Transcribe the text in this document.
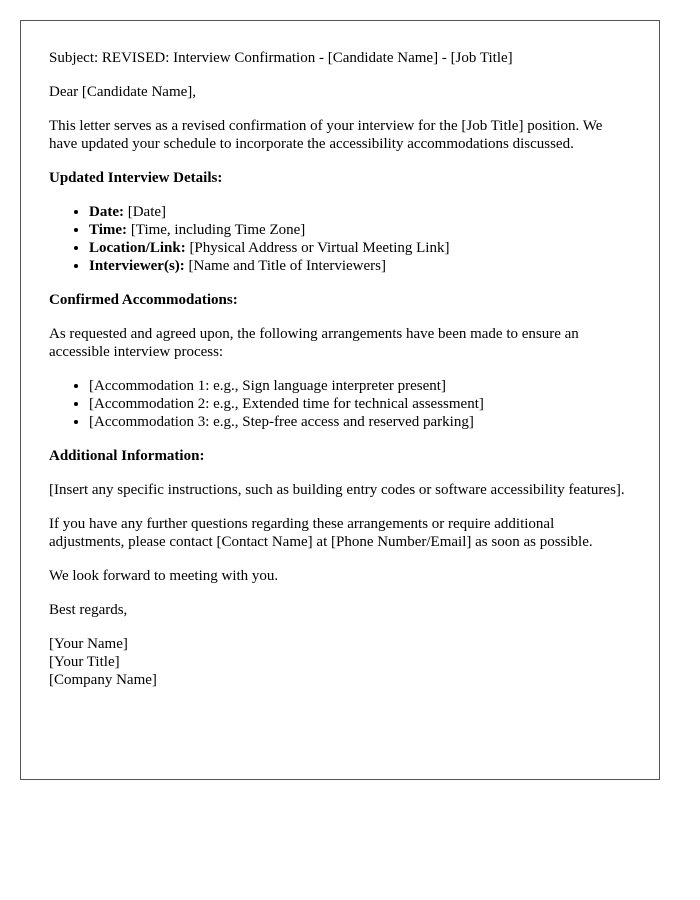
Subject: REVISED: Interview Confirmation - [Candidate Name] - [Job Title]

Dear [Candidate Name],

This letter serves as a revised confirmation of your interview for the [Job Title] position. We have updated your schedule to incorporate the accessibility accommodations discussed.

Updated Interview Details:

• Date: [Date]
• Time: [Time, including Time Zone]
• Location/Link: [Physical Address or Virtual Meeting Link]
• Interviewer(s): [Name and Title of Interviewers]

Confirmed Accommodations:

As requested and agreed upon, the following arrangements have been made to ensure an accessible interview process:

• [Accommodation 1: e.g., Sign language interpreter present]
• [Accommodation 2: e.g., Extended time for technical assessment]
• [Accommodation 3: e.g., Step-free access and reserved parking]

Additional Information:

[Insert any specific instructions, such as building entry codes or software accessibility features].

If you have any further questions regarding these arrangements or require additional adjustments, please contact [Contact Name] at [Phone Number/Email] as soon as possible.

We look forward to meeting with you.

Best regards,

[Your Name]

[Your Title]

[Company Name]
